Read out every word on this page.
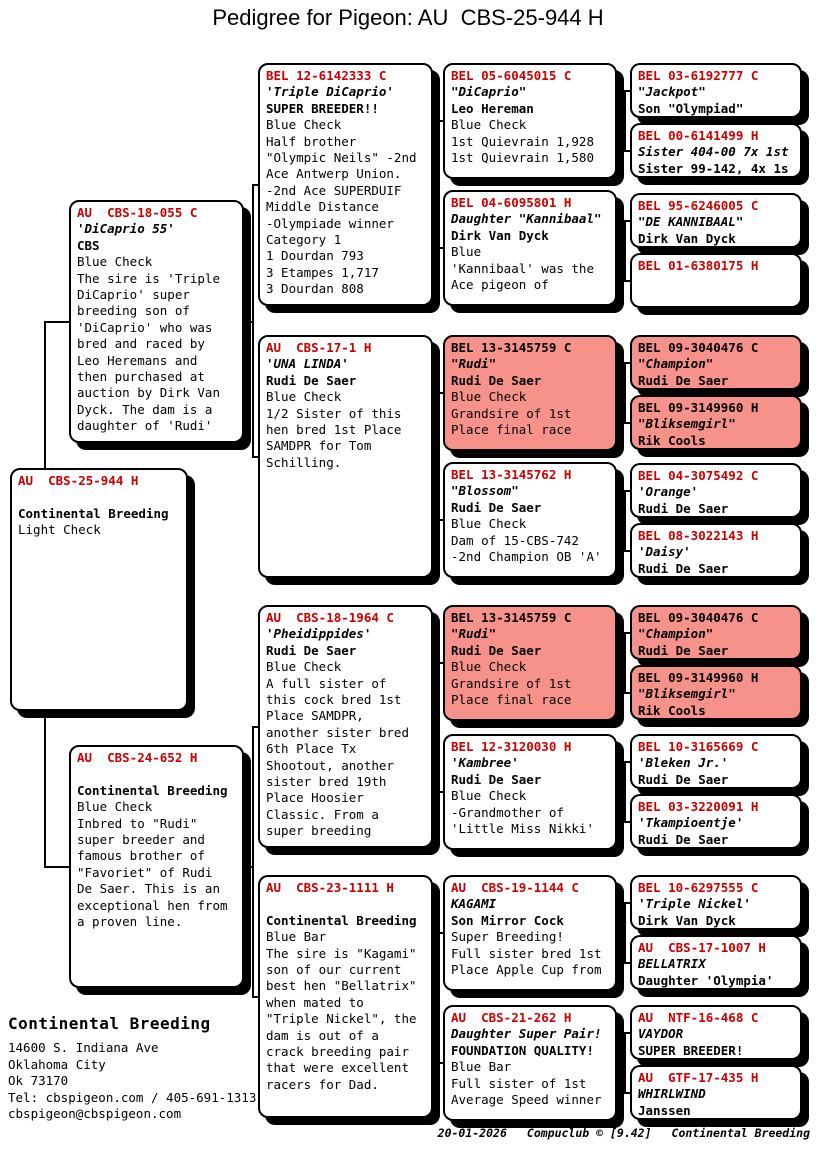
Pedigree for Pigeon: AU  CBS-25-944 H
AU  CBS-25-944 H

Continental Breeding
Light Check
AU  CBS-18-055 C
'DiCaprio 55'
CBS
Blue Check
The sire is 'Triple
DiCaprio' super
breeding son of
'DiCaprio' who was
bred and raced by
Leo Heremans and
then purchased at
auction by Dirk Van
Dyck. The dam is a
daughter of 'Rudi'
AU  CBS-24-652 H

Continental Breeding
Blue Check
Inbred to "Rudi"
super breeder and
famous brother of
"Favoriet" of Rudi
De Saer. This is an
exceptional hen from
a proven line.
BEL 12-6142333 C
'Triple DiCaprio'
SUPER BREEDER!!
Blue Check
Half brother
"Olympic Neils" -2nd
Ace Antwerp Union.
-2nd Ace SUPERDUIF
Middle Distance
-Olympiade winner
Category 1
1 Dourdan 793
3 Etampes 1,717
3 Dourdan 808
AU  CBS-17-1 H
'UNA LINDA'
Rudi De Saer
Blue Check
1/2 Sister of this
hen bred 1st Place
SAMDPR for Tom
Schilling.
AU  CBS-18-1964 C
'Pheidippides'
Rudi De Saer
Blue Check
A full sister of
this cock bred 1st
Place SAMDPR,
another sister bred
6th Place Tx
Shootout, another
sister bred 19th
Place Hoosier
Classic. From a
super breeding
AU  CBS-23-1111 H

Continental Breeding
Blue Bar
The sire is "Kagami"
son of our current
best hen "Bellatrix"
when mated to
"Triple Nickel", the
dam is out of a
crack breeding pair
that were excellent
racers for Dad.
BEL 05-6045015 C
"DiCaprio"
Leo Hereman
Blue Check
1st Quievrain 1,928
1st Quievrain 1,580
BEL 04-6095801 H
Daughter "Kannibaal"
Dirk Van Dyck
Blue
'Kannibaal' was the
Ace pigeon of
BEL 13-3145759 C
"Rudi"
Rudi De Saer
Blue Check
Grandsire of 1st
Place final race
BEL 13-3145762 H
"Blossom"
Rudi De Saer
Blue Check
Dam of 15-CBS-742
-2nd Champion OB 'A'
BEL 13-3145759 C
"Rudi"
Rudi De Saer
Blue Check
Grandsire of 1st
Place final race
BEL 12-3120030 H
'Kambree'
Rudi De Saer
Blue Check
-Grandmother of
'Little Miss Nikki'
AU  CBS-19-1144 C
KAGAMI
Son Mirror Cock
Super Breeding!
Full sister bred 1st
Place Apple Cup from
AU  CBS-21-262 H
Daughter Super Pair!
FOUNDATION QUALITY!
Blue Bar
Full sister of 1st
Average Speed winner
BEL 03-6192777 C
"Jackpot"
Son "Olympiad"
BEL 00-6141499 H
Sister 404-00 7x 1st
Sister 99-142, 4x 1s
BEL 95-6246005 C
"DE KANNIBAAL"
Dirk Van Dyck
BEL 01-6380175 H
BEL 09-3040476 C
"Champion"
Rudi De Saer
BEL 09-3149960 H
"Bliksemgirl"
Rik Cools
BEL 04-3075492 C
'Orange'
Rudi De Saer
BEL 08-3022143 H
'Daisy'
Rudi De Saer
BEL 09-3040476 C
"Champion"
Rudi De Saer
BEL 09-3149960 H
"Bliksemgirl"
Rik Cools
BEL 10-3165669 C
'Bleken Jr.'
Rudi De Saer
BEL 03-3220091 H
'Tkampioentje'
Rudi De Saer
BEL 10-6297555 C
'Triple Nickel'
Dirk Van Dyck
AU  CBS-17-1007 H
BELLATRIX
Daughter 'Olympia'
AU  NTF-16-468 C
VAYDOR
SUPER BREEDER!
AU  GTF-17-435 H
WHIRLWIND
Janssen
Continental Breeding
14600 S. Indiana Ave
Oklahoma City
Ok 73170
Tel: cbspigeon.com / 405-691-1313
cbspigeon@cbspigeon.com
20-01-2026 Compuclub © [9.42] Continental Breeding
